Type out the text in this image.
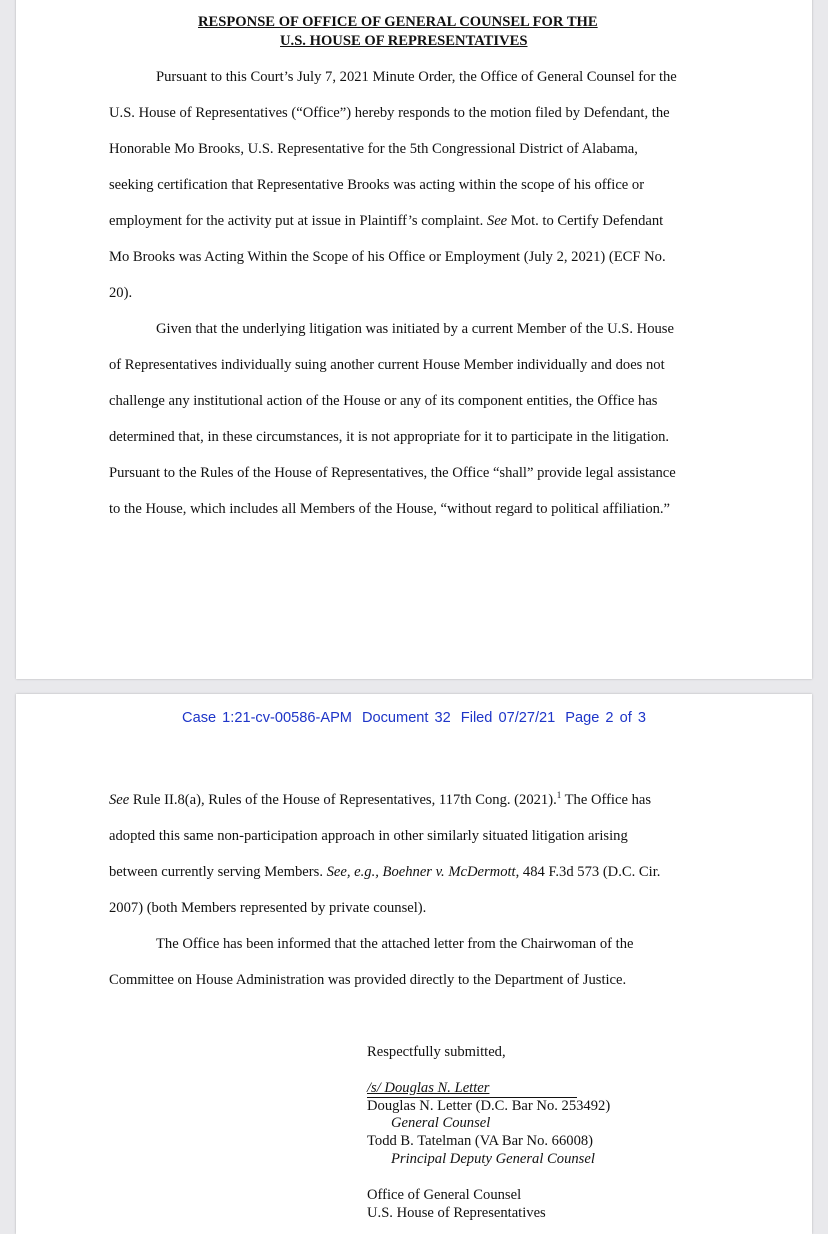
RESPONSE OF OFFICE OF GENERAL COUNSEL FOR THE
U.S. HOUSE OF REPRESENTATIVES
Pursuant to this Court’s July 7, 2021 Minute Order, the Office of General Counsel for the
U.S. House of Representatives (“Office”) hereby responds to the motion filed by Defendant, the
Honorable Mo Brooks, U.S. Representative for the 5th Congressional District of Alabama,
seeking certification that Representative Brooks was acting within the scope of his office or
employment for the activity put at issue in Plaintiff’s complaint. See Mot. to Certify Defendant
Mo Brooks was Acting Within the Scope of his Office or Employment (July 2, 2021) (ECF No.
20).
Given that the underlying litigation was initiated by a current Member of the U.S. House
of Representatives individually suing another current House Member individually and does not
challenge any institutional action of the House or any of its component entities, the Office has
determined that, in these circumstances, it is not appropriate for it to participate in the litigation.
Pursuant to the Rules of the House of Representatives, the Office “shall” provide legal assistance
to the House, which includes all Members of the House, “without regard to political affiliation.”
Case 1:21-cv-00586-APM Document 32 Filed 07/27/21 Page 2 of 3
See Rule II.8(a), Rules of the House of Representatives, 117th Cong. (2021).$^1$ The Office has
adopted this same non-participation approach in other similarly situated litigation arising
between currently serving Members. See, e.g., Boehner v. McDermott, 484 F.3d 573 (D.C. Cir.
2007) (both Members represented by private counsel).
The Office has been informed that the attached letter from the Chairwoman of the
Committee on House Administration was provided directly to the Department of Justice.
Respectfully submitted,
/s/ Douglas N. Letter
Douglas N. Letter (D.C. Bar No. 253492)
General Counsel
Todd B. Tatelman (VA Bar No. 66008)
Principal Deputy General Counsel
Office of General Counsel
U.S. House of Representatives
